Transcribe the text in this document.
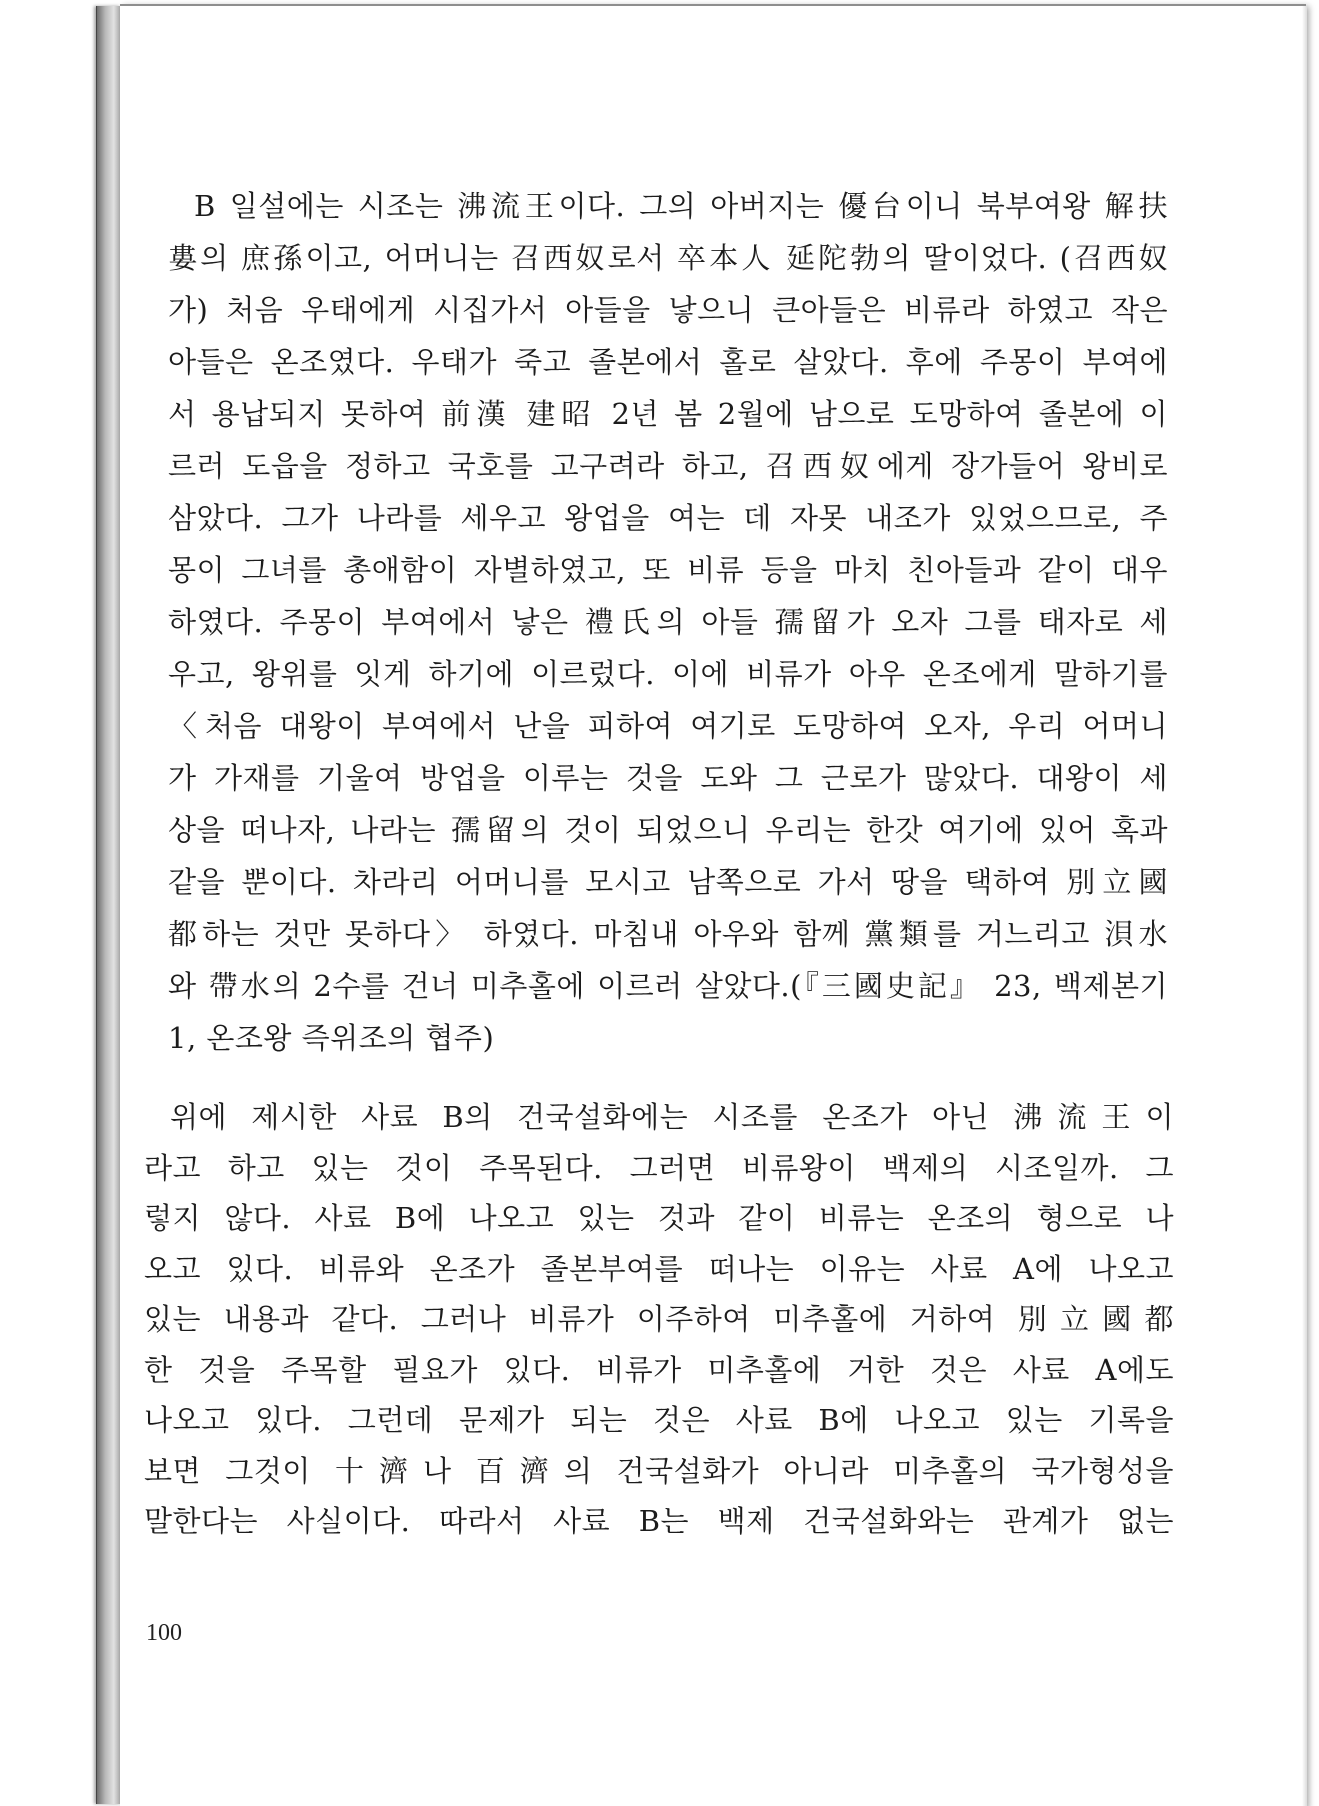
B 일설에는 시조는 沸流王이다. 그의 아버지는 優台이니 북부여왕 解扶
婁의 庶孫이고, 어머니는 召西奴로서 卒本人 延陀勃의 딸이었다. (召西奴
가) 처음 우태에게 시집가서 아들을 낳으니 큰아들은 비류라 하였고 작은
아들은 온조였다. 우태가 죽고 졸본에서 홀로 살았다. 후에 주몽이 부여에
서 용납되지 못하여 前漢 建昭 2년 봄 2월에 남으로 도망하여 졸본에 이
르러 도읍을 정하고 국호를 고구려라 하고, 召西奴에게 장가들어 왕비로
삼았다. 그가 나라를 세우고 왕업을 여는 데 자못 내조가 있었으므로, 주
몽이 그녀를 총애함이 자별하였고, 또 비류 등을 마치 친아들과 같이 대우
하였다. 주몽이 부여에서 낳은 禮氏의 아들 孺留가 오자 그를 태자로 세
우고, 왕위를 잇게 하기에 이르렀다. 이에 비류가 아우 온조에게 말하기를
〈처음 대왕이 부여에서 난을 피하여 여기로 도망하여 오자, 우리 어머니
가 가재를 기울여 방업을 이루는 것을 도와 그 근로가 많았다. 대왕이 세
상을 떠나자, 나라는 孺留의 것이 되었으니 우리는 한갓 여기에 있어 혹과
같을 뿐이다. 차라리 어머니를 모시고 남쪽으로 가서 땅을 택하여 別立國
都하는 것만 못하다〉 하였다. 마침내 아우와 함께 黨類를 거느리고 浿水
와 帶水의 2수를 건너 미추홀에 이르러 살았다.(『三國史記』 23, 백제본기
1, 온조왕 즉위조의 협주)
위에 제시한 사료 B의 건국설화에는 시조를 온조가 아닌 沸流王이
라고 하고 있는 것이 주목된다. 그러면 비류왕이 백제의 시조일까. 그
렇지 않다. 사료 B에 나오고 있는 것과 같이 비류는 온조의 형으로 나
오고 있다. 비류와 온조가 졸본부여를 떠나는 이유는 사료 A에 나오고
있는 내용과 같다. 그러나 비류가 이주하여 미추홀에 거하여 別立國都
한 것을 주목할 필요가 있다. 비류가 미추홀에 거한 것은 사료 A에도
나오고 있다. 그런데 문제가 되는 것은 사료 B에 나오고 있는 기록을
보면 그것이 十濟나 百濟의 건국설화가 아니라 미추홀의 국가형성을
말한다는 사실이다. 따라서 사료 B는 백제 건국설화와는 관계가 없는
100
